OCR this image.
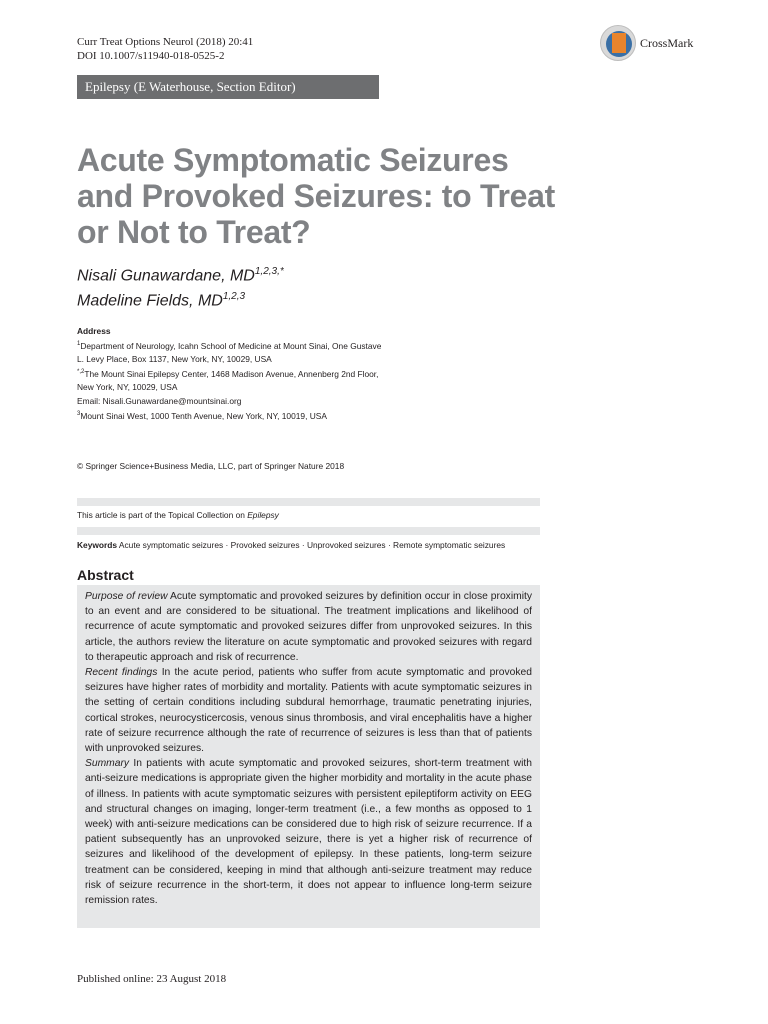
Curr Treat Options Neurol (2018) 20:41
DOI 10.1007/s11940-018-0525-2
CrossMark
Epilepsy (E Waterhouse, Section Editor)
Acute Symptomatic Seizures and Provoked Seizures: to Treat or Not to Treat?
Nisali Gunawardane, $MD^{1,2,3,*}$
Madeline Fields, MD$^{1,2,3}$
Address
$^1$Department of Neurology, Icahn School of Medicine at Mount Sinai, One Gustave
L. Levy Place, Box 1137, New York, NY, 10029, USA
$^{*,2}$The Mount Sinai Epilepsy Center, 1468 Madison Avenue, Annenberg 2nd Floor,
New York, NY, 10029, USA
Email: Nisali.Gunawardane@mountsinai.org
$^3$Mount Sinai West, 1000 Tenth Avenue, New York, NY, 10019, USA
© Springer Science+Business Media, LLC, part of Springer Nature 2018
This article is part of the Topical Collection on Epilepsy
Keywords Acute symptomatic seizures · Provoked seizures · Unprovoked seizures · Remote symptomatic seizures
Abstract

Purpose of review Acute symptomatic and provoked seizures by definition occur in close proximity to an event and are considered to be situational. The treatment implications and likelihood of recurrence of acute symptomatic and provoked seizures differ from unprovoked seizures. In this article, the authors review the literature on acute symptomatic and provoked seizures with regard to therapeutic approach and risk of recurrence.

Recent findings In the acute period, patients who suffer from acute symptomatic and provoked seizures have higher rates of morbidity and mortality. Patients with acute symptomatic seizures in the setting of certain conditions including subdural hemorrhage, traumatic penetrating injuries, cortical strokes, neurocysticercosis, venous sinus thrombosis, and viral encephalitis have a higher rate of seizure recurrence although the rate of recurrence of seizures is less than that of patients with unprovoked seizures.

Summary In patients with acute symptomatic and provoked seizures, short-term treatment with anti-seizure medications is appropriate given the higher morbidity and mortality in the acute phase of illness. In patients with acute symptomatic seizures with persistent epileptiform activity on EEG and structural changes on imaging, longer-term treatment (i.e., a few months as opposed to 1 week) with anti-seizure medications can be considered due to high risk of seizure recurrence. If a patient subsequently has an unprovoked seizure, there is yet a higher risk of recurrence of seizures and likelihood of the development of epilepsy. In these patients, long-term seizure treatment can be considered, keeping in mind that although anti-seizure treatment may reduce risk of seizure recurrence in the short-term, it does not appear to influence long-term seizure remission rates.

Published online: 23 August 2018
